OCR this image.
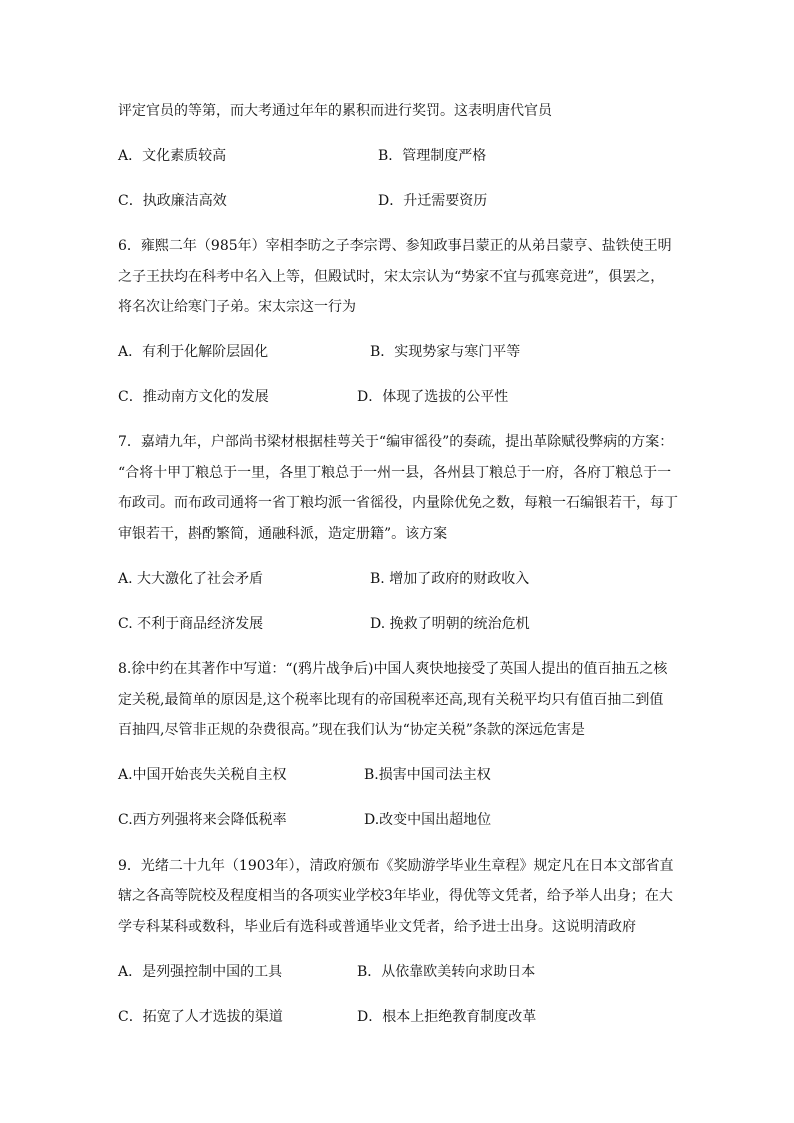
评定官员的等第，而大考通过年年的累积而进行奖罚。这表明唐代官员
A．文化素质较高	B．管理制度严格
C．执政廉洁高效	D．升迁需要资历
6．雍熙二年（985年）宰相李昉之子李宗谔、参知政事吕蒙正的从弟吕蒙亨、盐铁使王明
之子王扶均在科考中名入上等，但殿试时，宋太宗认为“势家不宜与孤寒竞进”，俱罢之，
将名次让给寒门子弟。宋太宗这一行为
A．有利于化解阶层固化	B．实现势家与寒门平等
C．推动南方文化的发展	D．体现了选拔的公平性
7．嘉靖九年，户部尚书梁材根据桂萼关于“编审徭役”的奏疏，提出革除赋役弊病的方案：
“合将十甲丁粮总于一里，各里丁粮总于一州一县，各州县丁粮总于一府，各府丁粮总于一
布政司。而布政司通将一省丁粮均派一省徭役，内量除优免之数，每粮一石编银若干，每丁
审银若干，斟酌繁简，通融科派，造定册籍”。该方案
A. 大大激化了社会矛盾	B. 增加了政府的财政收入
C. 不利于商品经济发展	D. 挽救了明朝的统治危机
8.徐中约在其著作中写道：“(鸦片战争后)中国人爽快地接受了英国人提出的值百抽五之核
定关税,最简单的原因是,这个税率比现有的帝国税率还高,现有关税平均只有值百抽二到值
百抽四,尽管非正规的杂费很高。”现在我们认为“协定关税”条款的深远危害是
A.中国开始丧失关税自主权	B.损害中国司法主权
C.西方列强将来会降低税率	D.改变中国出超地位
9．光绪二十九年（1903年），清政府颁布《奖励游学毕业生章程》规定凡在日本文部省直
辖之各高等院校及程度相当的各项实业学校3年毕业，得优等文凭者，给予举人出身；在大
学专科某科或数科，毕业后有选科或普通毕业文凭者，给予进士出身。这说明清政府
A．是列强控制中国的工具	B．从依靠欧美转向求助日本
C．拓宽了人才选拔的渠道	D．根本上拒绝教育制度改革
